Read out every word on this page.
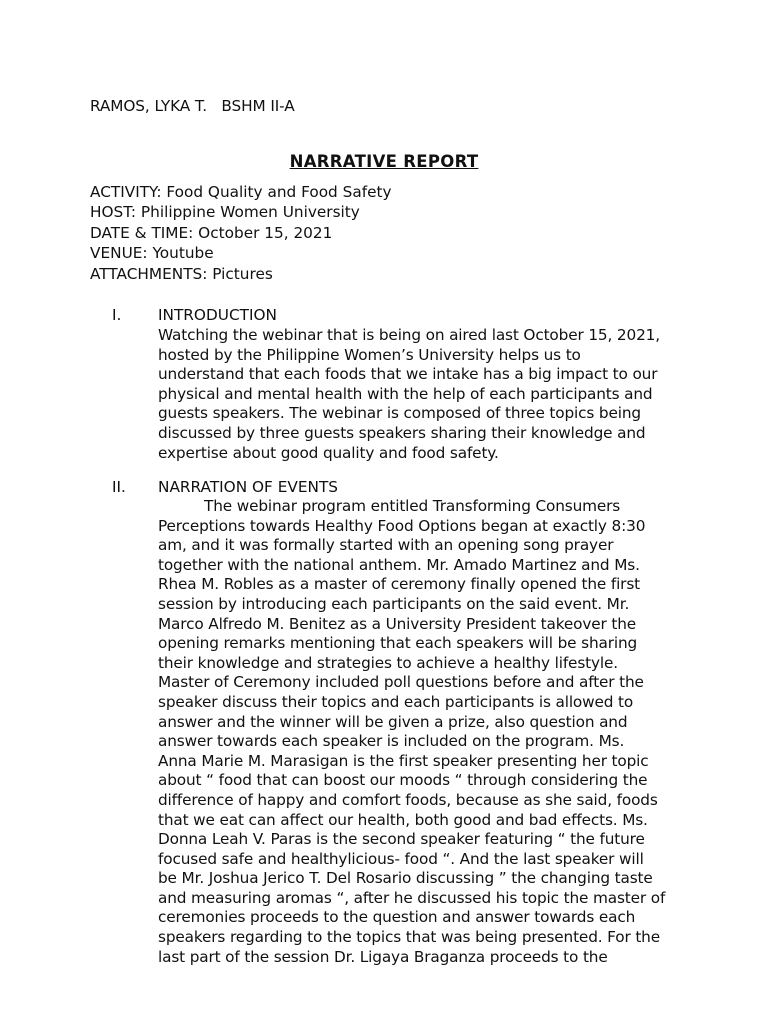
RAMOS, LYKA T.   BSHM II-A
NARRATIVE REPORT
ACTIVITY: Food Quality and Food Safety
HOST: Philippine Women University
DATE & TIME: October 15, 2021
VENUE: Youtube
ATTACHMENTS: Pictures
I. INTRODUCTION
Watching the webinar that is being on aired last October 15, 2021,
hosted by the Philippine Women’s University helps us to
understand that each foods that we intake has a big impact to our
physical and mental health with the help of each participants and
guests speakers. The webinar is composed of three topics being
discussed by three guests speakers sharing their knowledge and
expertise about good quality and food safety.
II. NARRATION OF EVENTS
The webinar program entitled Transforming Consumers
Perceptions towards Healthy Food Options began at exactly 8:30
am, and it was formally started with an opening song prayer
together with the national anthem. Mr. Amado Martinez and Ms.
Rhea M. Robles as a master of ceremony finally opened the first
session by introducing each participants on the said event. Mr.
Marco Alfredo M. Benitez as a University President takeover the
opening remarks mentioning that each speakers will be sharing
their knowledge and strategies to achieve a healthy lifestyle.
Master of Ceremony included poll questions before and after the
speaker discuss their topics and each participants is allowed to
answer and the winner will be given a prize, also question and
answer towards each speaker is included on the program. Ms.
Anna Marie M. Marasigan is the first speaker presenting her topic
about “ food that can boost our moods “ through considering the
difference of happy and comfort foods, because as she said, foods
that we eat can affect our health, both good and bad effects. Ms.
Donna Leah V. Paras is the second speaker featuring “ the future
focused safe and healthylicious- food “. And the last speaker will
be Mr. Joshua Jerico T. Del Rosario discussing ” the changing taste
and measuring aromas “, after he discussed his topic the master of
ceremonies proceeds to the question and answer towards each
speakers regarding to the topics that was being presented. For the
last part of the session Dr. Ligaya Braganza proceeds to the
